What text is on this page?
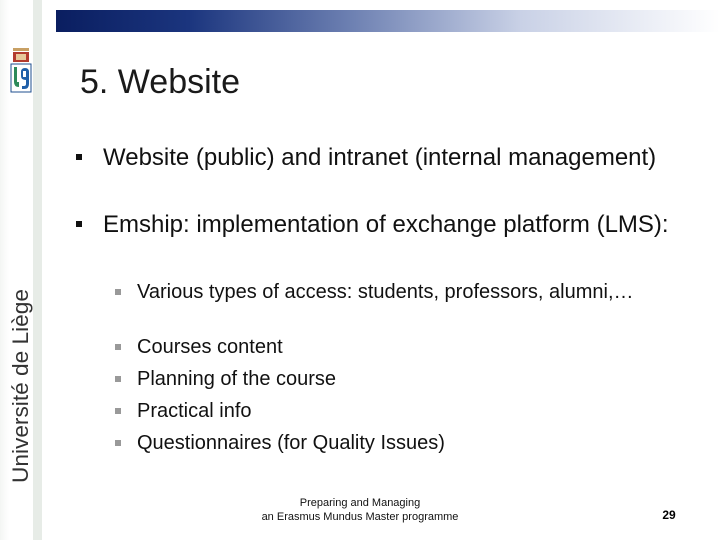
Université de Liège
5. Website
Website (public) and intranet (internal management)
Emship: implementation of exchange platform (LMS):
Various types of access: students, professors, alumni,…
Courses content
Planning of the course
Practical info
Questionnaires (for Quality Issues)
Preparing and Managing
an Erasmus Mundus Master programme	29
